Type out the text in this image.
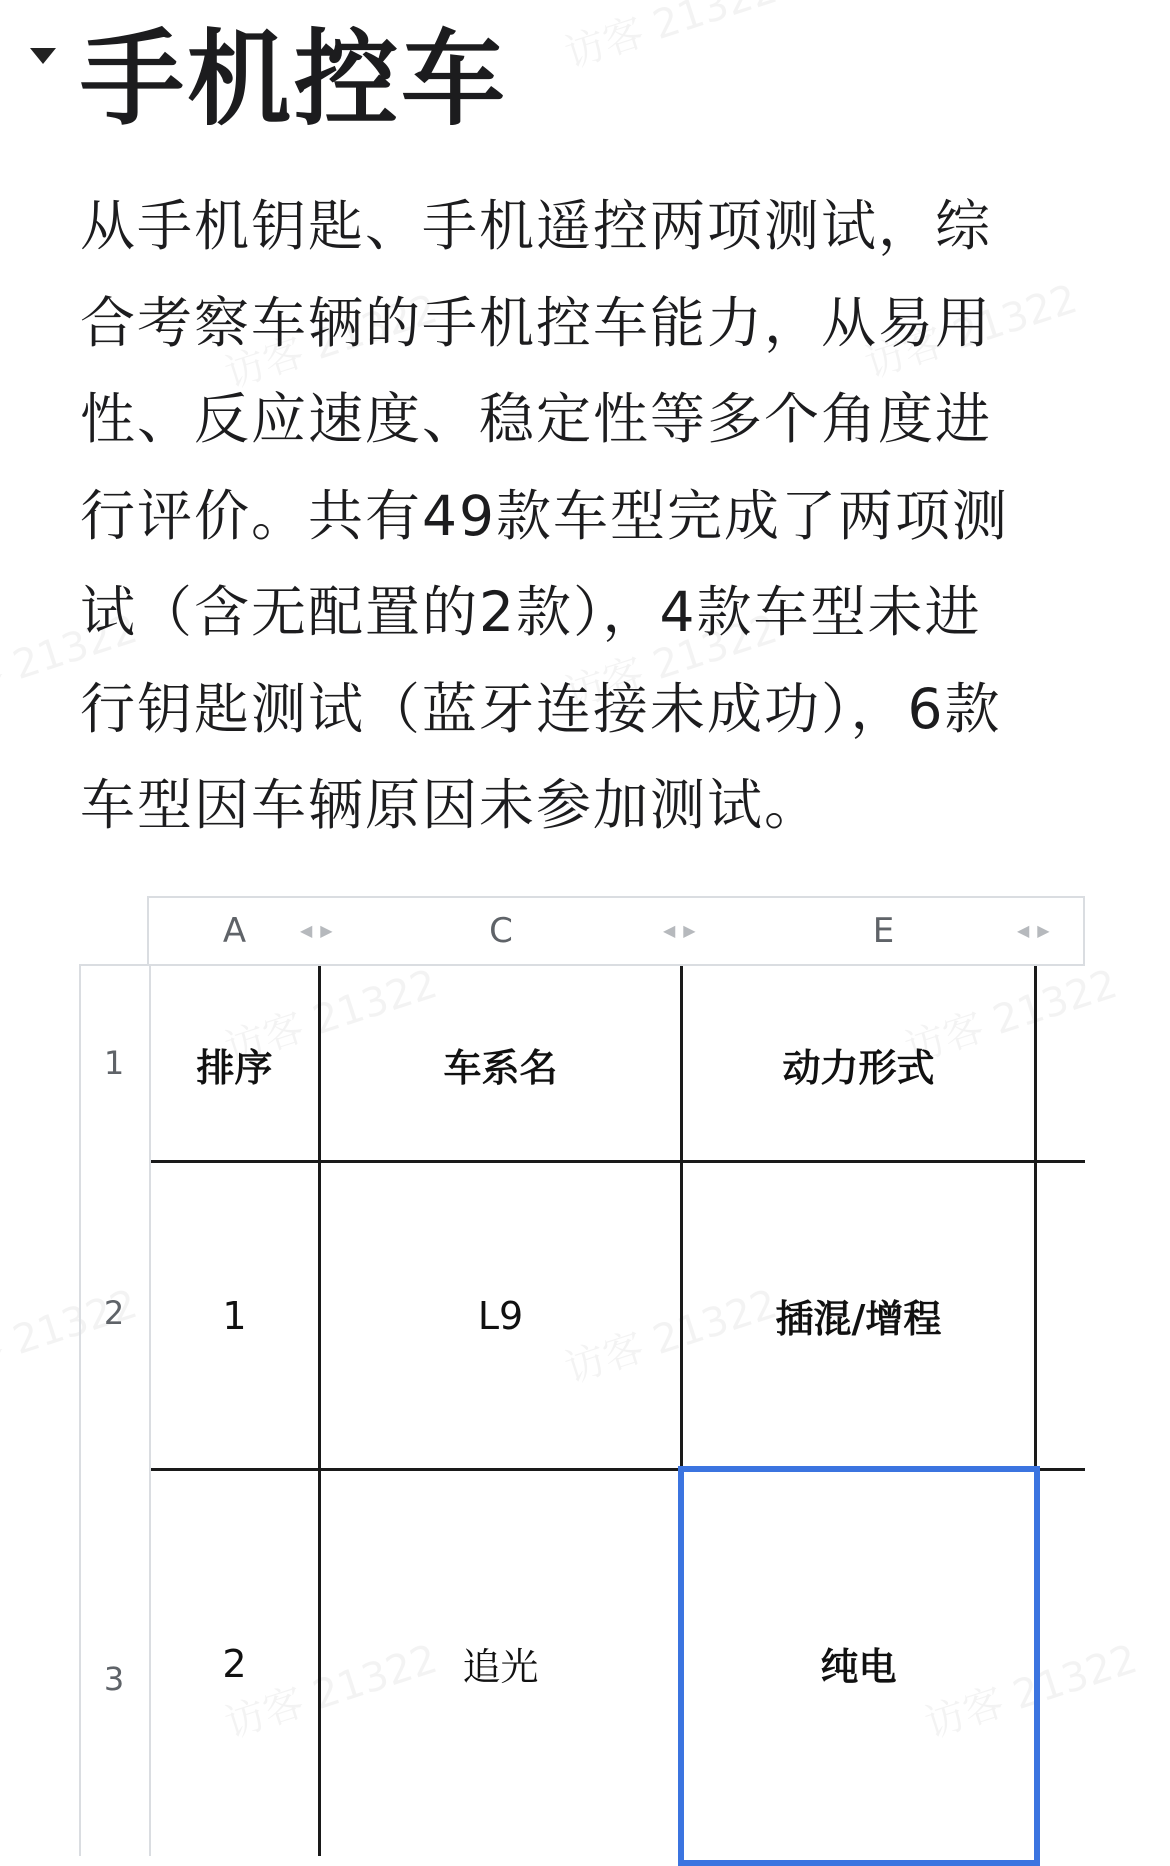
手机控车
从手机钥匙、手机遥控两项测试，综
合考察车辆的手机控车能力，从易用
性、反应速度、稳定性等多个角度进
行评价。共有49款车型完成了两项测
试（含无配置的2款），4款车型未进
行钥匙测试（蓝牙连接未成功），6款
车型因车辆原因未参加测试。
A	◀▶	C	◀▶	E	◀▶
1
2
3
排序	车系名	动力形式
1	L9	插混/增程
2	追光	纯电
